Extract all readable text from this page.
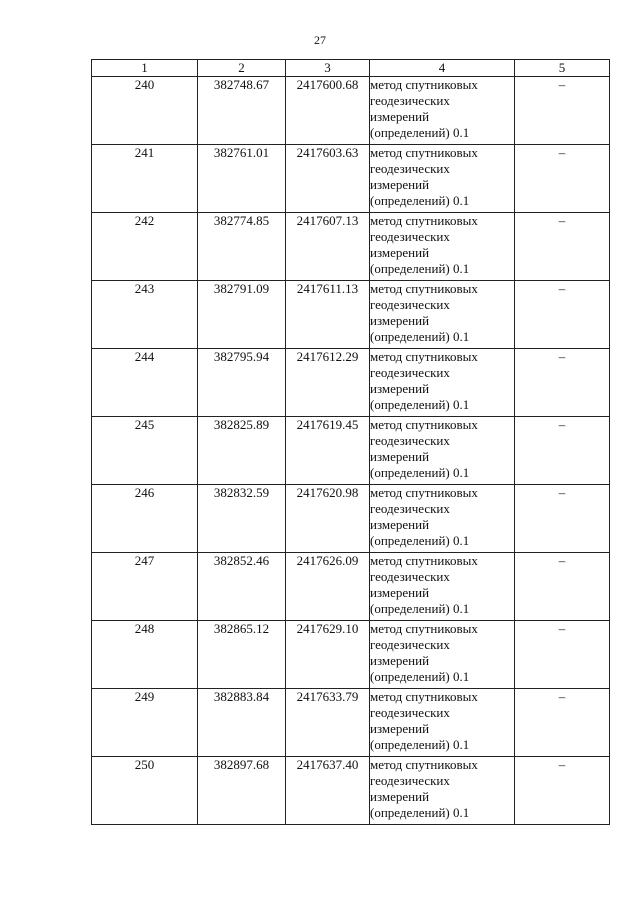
27
1	2	3	4	5
240	382748.67	2417600.68	метод спутниковых
геодезических
измерений
(определений) 0.1	–
241	382761.01	2417603.63	метод спутниковых
геодезических
измерений
(определений) 0.1	–
242	382774.85	2417607.13	метод спутниковых
геодезических
измерений
(определений) 0.1	–
243	382791.09	2417611.13	метод спутниковых
геодезических
измерений
(определений) 0.1	–
244	382795.94	2417612.29	метод спутниковых
геодезических
измерений
(определений) 0.1	–
245	382825.89	2417619.45	метод спутниковых
геодезических
измерений
(определений) 0.1	–
246	382832.59	2417620.98	метод спутниковых
геодезических
измерений
(определений) 0.1	–
247	382852.46	2417626.09	метод спутниковых
геодезических
измерений
(определений) 0.1	–
248	382865.12	2417629.10	метод спутниковых
геодезических
измерений
(определений) 0.1	–
249	382883.84	2417633.79	метод спутниковых
геодезических
измерений
(определений) 0.1	–
250	382897.68	2417637.40	метод спутниковых
геодезических
измерений
(определений) 0.1	–
